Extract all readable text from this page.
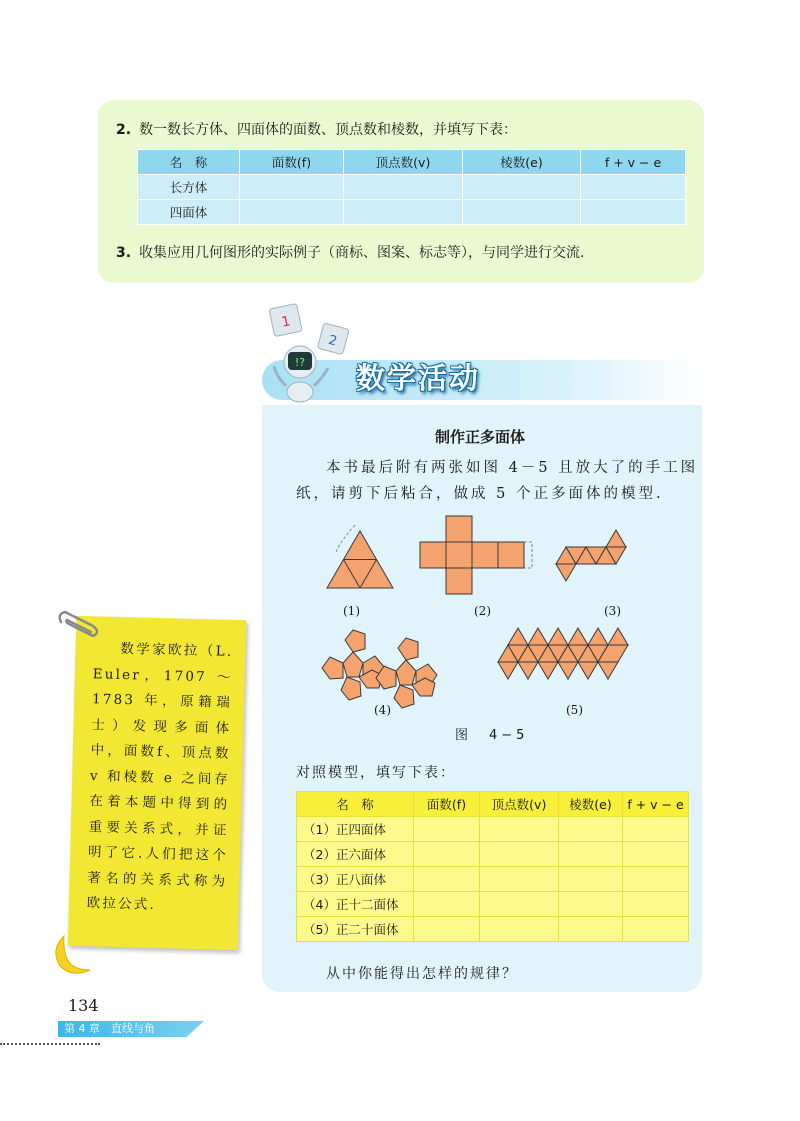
2. 数一数长方体、四面体的面数、顶点数和棱数，并填写下表：
名　称	面数(f)	顶点数(v)	棱数(e)	f + v − e
长方体				
四面体				
3. 收集应用几何图形的实际例子（商标、图案、标志等），与同学进行交流.
数学活动
1
2
!?
制作正多面体
本书最后附有两张如图 4－5 且放大了的手工图
纸，请剪下后粘合，做成 5 个正多面体的模型.
(1)	(2)	(3)
(4)	(5)
图　4−5
对照模型，填写下表：
名　称	面数(f)	顶点数(v)	棱数(e)	f + v − e
（1）正四面体				
（2）正六面体				
（3）正八面体				
（4）正十二面体				
（5）正二十面体				
从中你能得出怎样的规律？
数学家欧拉（L. Euler，1707 ～ 1783 年，原籍瑞士）发现多面体中，面数f、顶点数 v 和棱数 e 之间存在着本题中得到的重要关系式，并证明了它.人们把这个著名的关系式称为欧拉公式.
134
第 4 章　直线与角
